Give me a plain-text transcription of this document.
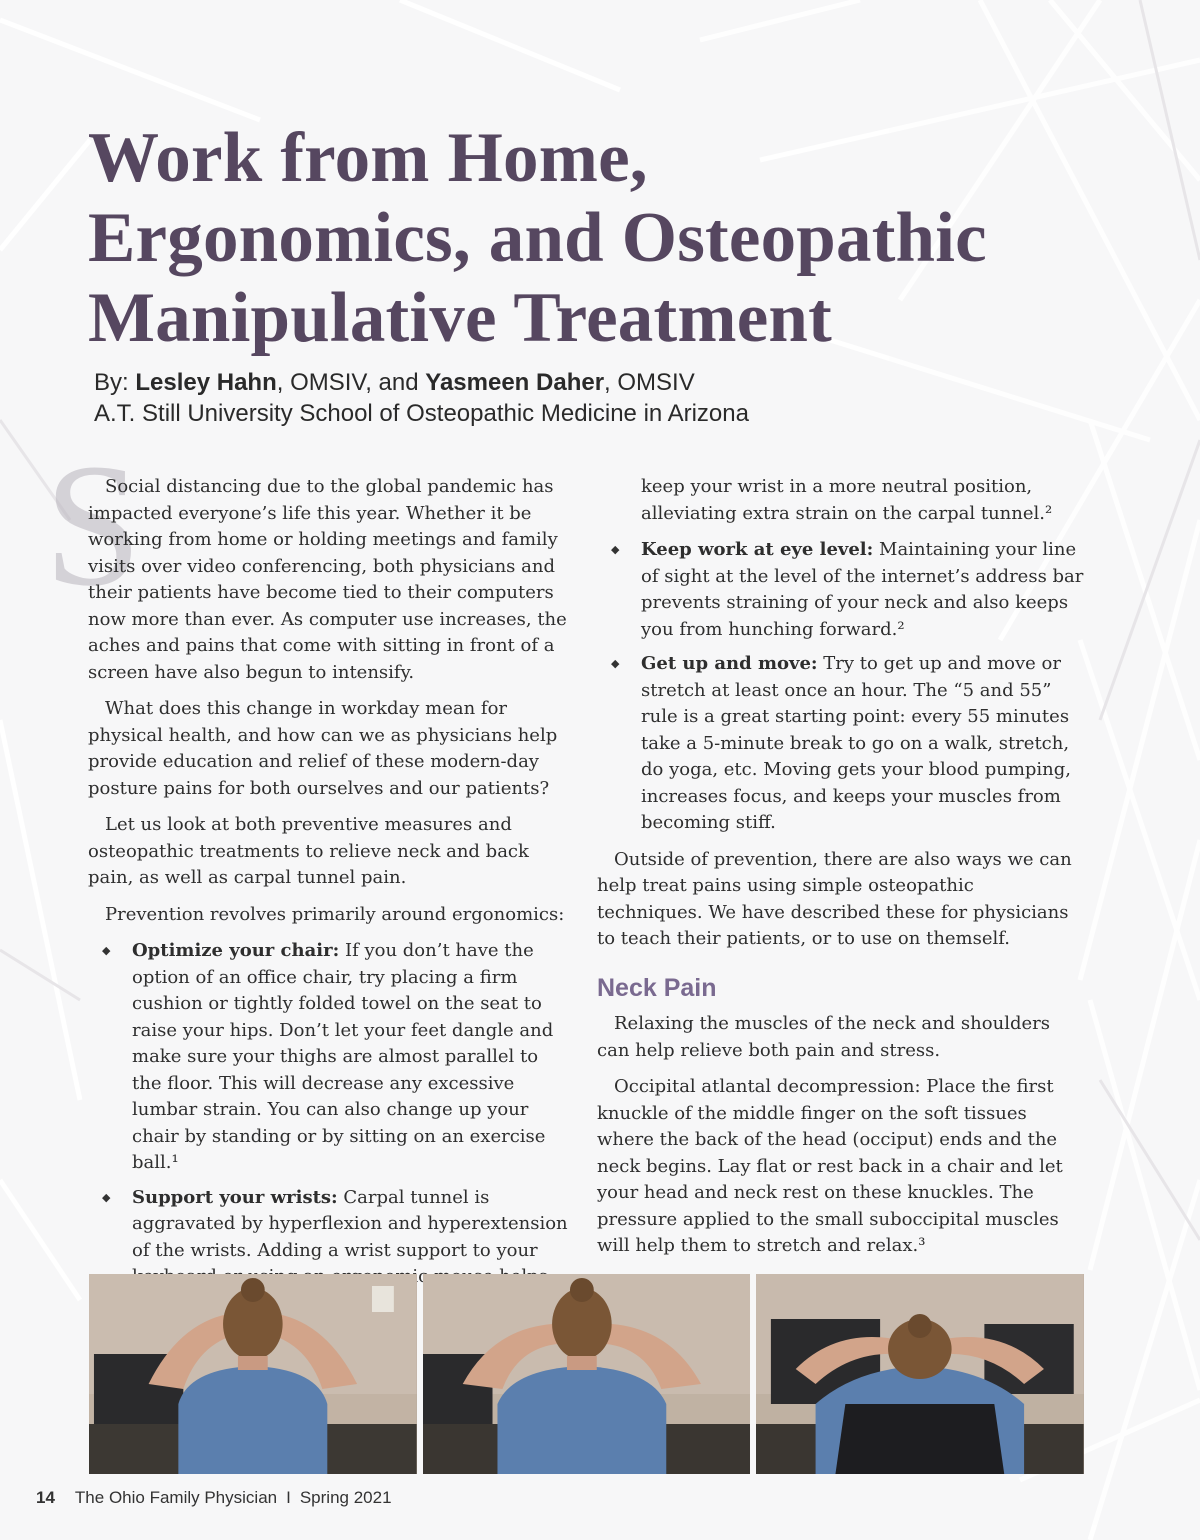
S
Work from Home,
Ergonomics, and Osteopathic
Manipulative Treatment
By: Lesley Hahn, OMSIV, and Yasmeen Daher, OMSIV
A.T. Still University School of Osteopathic Medicine in Arizona

Social distancing due to the global pandemic has impacted everyone’s life this year. Whether it be working from home or holding meetings and family visits over video conferencing, both physicians and their patients have become tied to their computers now more than ever. As computer use increases, the aches and pains that come with sitting in front of a screen have also begun to intensify.

What does this change in workday mean for physical health, and how can we as physicians help provide education and relief of these modern-day posture pains for both ourselves and our patients?

Let us look at both preventive measures and osteopathic treatments to relieve neck and back pain, as well as carpal tunnel pain.

Prevention revolves primarily around ergonomics:

◆ Optimize your chair: If you don’t have the option of an office chair, try placing a firm cushion or tightly folded towel on the seat to raise your hips. Don’t let your feet dangle and make sure your thighs are almost parallel to the floor. This will decrease any excessive lumbar strain. You can also change up your chair by standing or by sitting on an exercise ball.¹
◆ Support your wrists: Carpal tunnel is aggravated by hyperflexion and hyperextension of the wrists. Adding a wrist support to your

keep your wrist in a more neutral position, alleviating extra strain on the carpal tunnel.²

◆ Keep work at eye level: Maintaining your line of sight at the level of the internet’s address bar prevents straining of your neck and also keeps you from hunching forward.²
◆ Get up and move: Try to get up and move or stretch at least once an hour. The “5 and 55” rule is a great starting point: every 55 minutes take a 5-minute break to go on a walk, stretch, do yoga, etc. Moving gets your blood pumping, increases focus, and keeps your muscles from becoming stiff.

Outside of prevention, there are also ways we can help treat pains using simple osteopathic techniques. We have described these for physicians to teach their patients, or to use on themself.

Neck Pain

Relaxing the muscles of the neck and shoulders can help relieve both pain and stress.

Occipital atlantal decompression: Place the first knuckle of the middle finger on the soft tissues where the back of the head (occiput) ends and the neck begins. Lay flat or rest back in a chair and let your head and neck rest on these knuckles. The pressure applied to the small suboccipital muscles will help them to stretch and relax.³

14 The Ohio Family Physician I Spring 2021
